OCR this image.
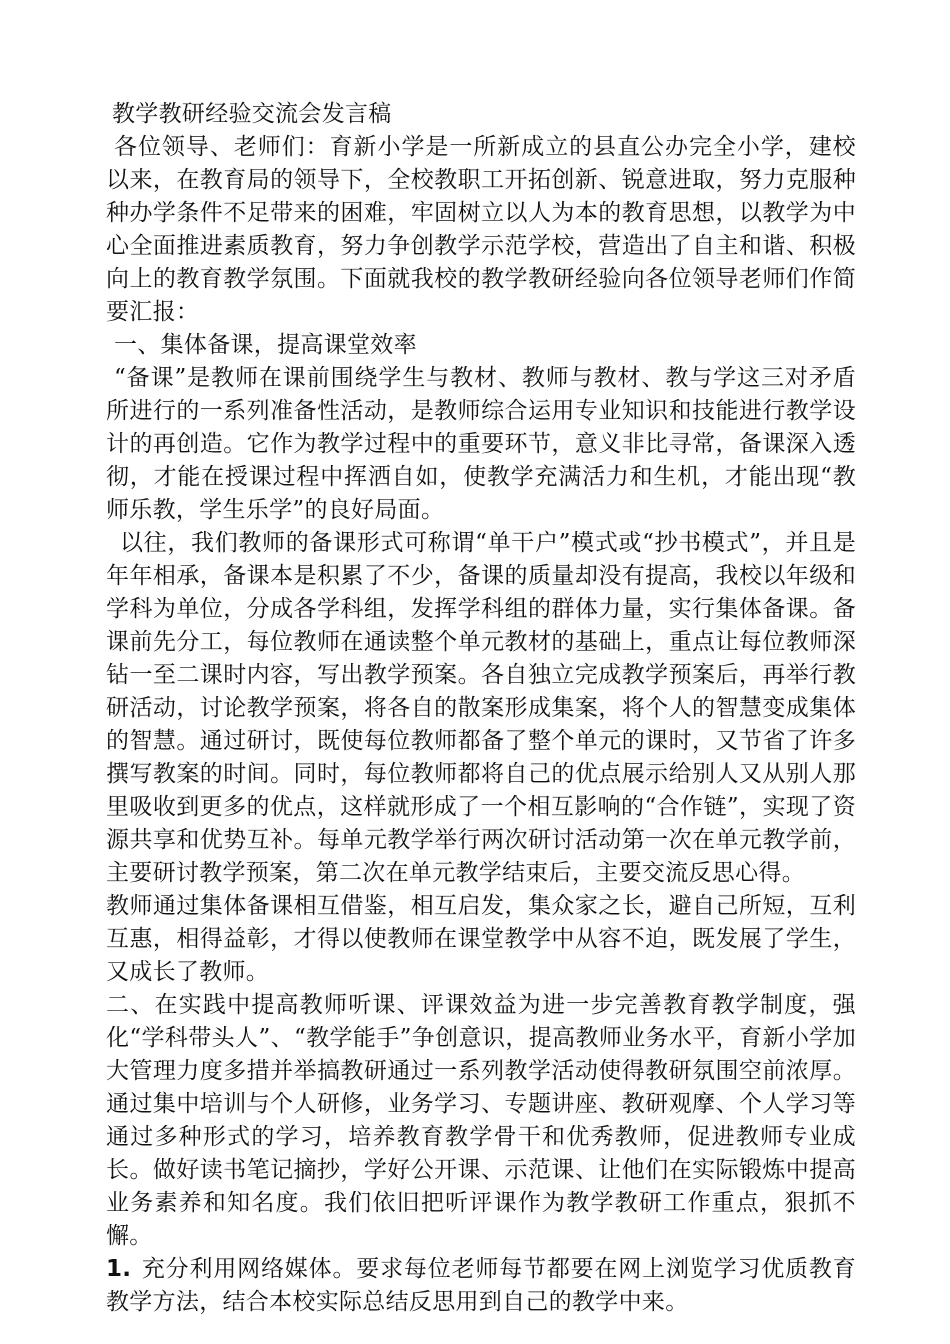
教学教研经验交流会发言稿

各位领导、老师们：育新小学是一所新成立的县直公办完全小学，建校以来，在教育局的领导下，全校教职工开拓创新、锐意进取，努力克服种种办学条件不足带来的困难，牢固树立以人为本的教育思想，以教学为中心全面推进素质教育，努力争创教学示范学校，营造出了自主和谐、积极向上的教育教学氛围。下面就我校的教学教研经验向各位领导老师们作简要汇报：

一、集体备课，提高课堂效率

“备课”是教师在课前围绕学生与教材、教师与教材、教与学这三对矛盾所进行的一系列准备性活动，是教师综合运用专业知识和技能进行教学设计的再创造。它作为教学过程中的重要环节，意义非比寻常，备课深入透彻，才能在授课过程中挥洒自如，使教学充满活力和生机，才能出现“教师乐教，学生乐学”的良好局面。

以往，我们教师的备课形式可称谓“单干户”模式或“抄书模式”，并且是年年相承，备课本是积累了不少，备课的质量却没有提高，我校以年级和学科为单位，分成各学科组，发挥学科组的群体力量，实行集体备课。备课前先分工，每位教师在通读整个单元教材的基础上，重点让每位教师深钻一至二课时内容，写出教学预案。各自独立完成教学预案后，再举行教研活动，讨论教学预案，将各自的散案形成集案，将个人的智慧变成集体的智慧。通过研讨，既使每位教师都备了整个单元的课时，又节省了许多撰写教案的时间。同时，每位教师都将自己的优点展示给别人又从别人那里吸收到更多的优点，这样就形成了一个相互影响的“合作链”，实现了资源共享和优势互补。每单元教学举行两次研讨活动第一次在单元教学前，主要研讨教学预案，第二次在单元教学结束后，主要交流反思心得。

教师通过集体备课相互借鉴，相互启发，集众家之长，避自己所短，互利互惠，相得益彰，才得以使教师在课堂教学中从容不迫，既发展了学生，又成长了教师。

二、在实践中提高教师听课、评课效益为进一步完善教育教学制度，强化“学科带头人”、“教学能手”争创意识，提高教师业务水平，育新小学加大管理力度多措并举搞教研通过一系列教学活动使得教研氛围空前浓厚。通过集中培训与个人研修，业务学习、专题讲座、教研观摩、个人学习等通过多种形式的学习，培养教育教学骨干和优秀教师，促进教师专业成长。做好读书笔记摘抄，学好公开课、示范课、让他们在实际锻炼中提高业务素养和知名度。我们依旧把听评课作为教学教研工作重点，狠抓不懈。

1. 充分利用网络媒体。要求每位老师每节都要在网上浏览学习优质教育教学方法，结合本校实际总结反思用到自己的教学中来。
